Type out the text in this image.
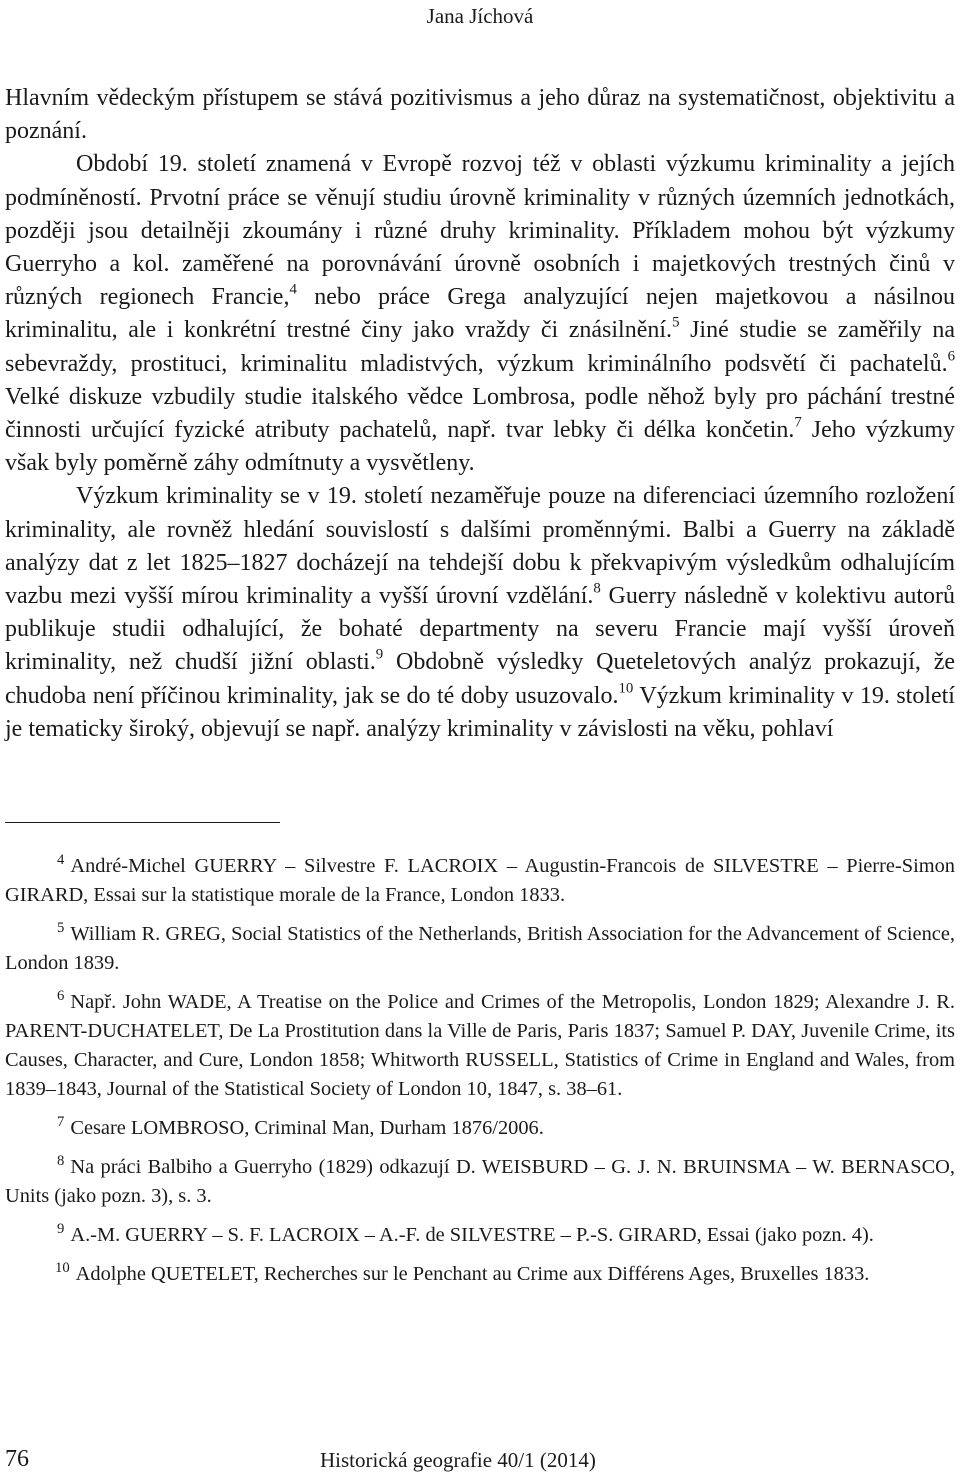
Jana Jíchová

Hlavním vědeckým přístupem se stává pozitivismus a jeho důraz na systematičnost, objektivitu a poznání.

Období 19. století znamená v Evropě rozvoj též v oblasti výzkumu kriminality a jejích podmíněností. Prvotní práce se věnují studiu úrovně kriminality v různých územních jednotkách, později jsou detailněji zkoumány i různé druhy kriminality. Příkladem mohou být výzkumy Guerryho a kol. zaměřené na porovnávání úrovně osobních i majetkových trestných činů v různých regionech Francie,$^4$ nebo práce Grega analyzující nejen majetkovou a násilnou kriminalitu, ale i konkrétní trestné činy jako vraždy či znásilnění.$^5$ Jiné studie se zaměřily na sebevraždy, prostituci, kriminalitu mladistvých, výzkum kriminálního podsvětí či pachatelů.$^6$ Velké diskuze vzbudily studie italského vědce Lombrosa, podle něhož byly pro páchání trestné činnosti určující fyzické atributy pachatelů, např. tvar lebky či délka končetin.$^7$ Jeho výzkumy však byly poměrně záhy odmítnuty a vysvětleny.

Výzkum kriminality se v 19. století nezaměřuje pouze na diferenciaci územního rozložení kriminality, ale rovněž hledání souvislostí s dalšími proměnnými. Balbi a Guerry na základě analýzy dat z let 1825–1827 docházejí na tehdejší dobu k překvapivým výsledkům odhalujícím vazbu mezi vyšší mírou kriminality a vyšší úrovní vzdělání.$^8$ Guerry následně v kolektivu autorů publikuje studii odhalující, že bohaté departmenty na severu Francie mají vyšší úroveň kriminality, než chudší jižní oblasti.$^9$ Obdobně výsledky Queteletových analýz prokazují, že chudoba není příčinou kriminality, jak se do té doby usuzovalo.$^{10}$ Výzkum kriminality v 19. století je tematicky široký, objevují se např. analýzy kriminality v závislosti na věku, pohlaví

$^4$ André-Michel GUERRY – Silvestre F. LACROIX – Augustin-Francois de SILVESTRE – Pierre-Simon GIRARD, Essai sur la statistique morale de la France, London 1833.

$^5$ William R. GREG, Social Statistics of the Netherlands, British Association for the Advancement of Science, London 1839.

$^6$ Např. John WADE, A Treatise on the Police and Crimes of the Metropolis, London 1829; Alexandre J. R. PARENT-DUCHATELET, De La Prostitution dans la Ville de Paris, Paris 1837; Samuel P. DAY, Juvenile Crime, its Causes, Character, and Cure, London 1858; Whitworth RUSSELL, Statistics of Crime in England and Wales, from 1839–1843, Journal of the Statistical Society of London 10, 1847, s. 38–61.

$^7$ Cesare LOMBROSO, Criminal Man, Durham 1876/2006.

$^8$ Na práci Balbiho a Guerryho (1829) odkazují D. WEISBURD – G. J. N. BRUINSMA – W. BERNASCO, Units (jako pozn. 3), s. 3.

$^9$ A.-M. GUERRY – S. F. LACROIX – A.-F. de SILVESTRE – P.-S. GIRARD, Essai (jako pozn. 4).

$^{10}$ Adolphe QUETELET, Recherches sur le Penchant au Crime aux Différens Ages, Bruxelles 1833.

76	Historická geografie 40/1 (2014)
